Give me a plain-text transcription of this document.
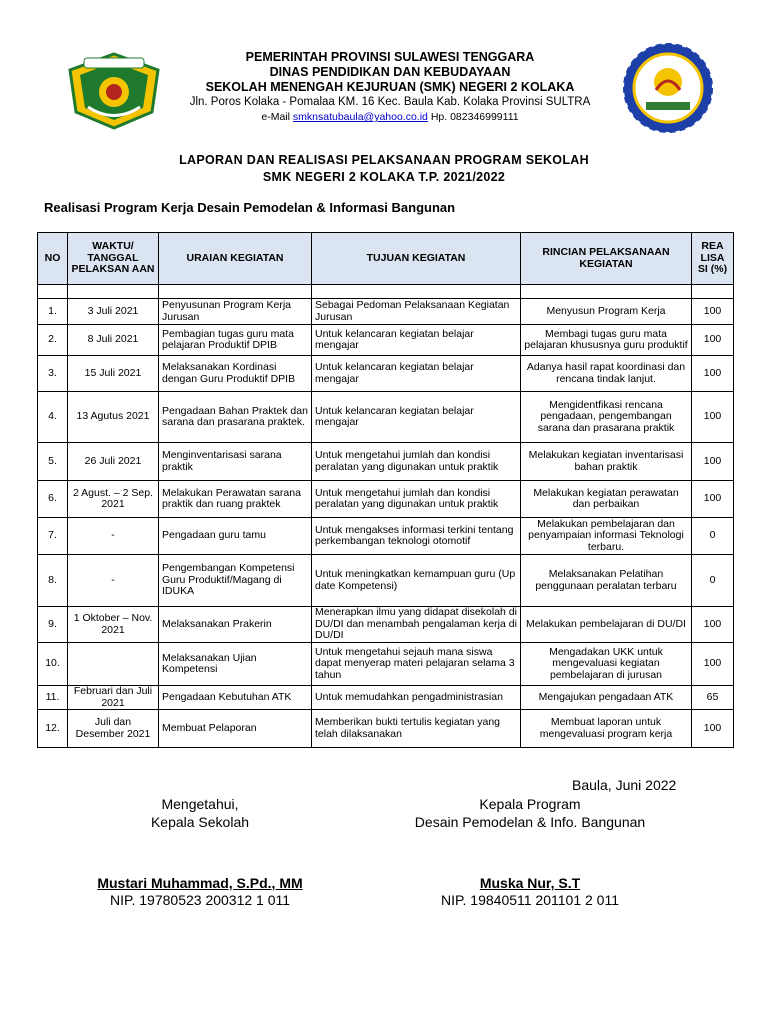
PEMERINTAH PROVINSI SULAWESI TENGGARA
DINAS PENDIDIKAN DAN KEBUDAYAAN
SEKOLAH MENENGAH KEJURUAN (SMK) NEGERI 2 KOLAKA
Jln. Poros Kolaka - Pomalaa KM. 16 Kec. Baula Kab. Kolaka Provinsi SULTRA
e-Mail smknsatubaula@yahoo.co.id Hp. 082346999111
LAPORAN DAN REALISASI PELAKSANAAN PROGRAM SEKOLAH
SMK NEGERI 2 KOLAKA T.P. 2021/2022
Realisasi Program Kerja Desain Pemodelan & Informasi Bangunan
NO	WAKTU/ TANGGAL PELAKSAN AAN	URAIAN KEGIATAN	TUJUAN KEGIATAN	RINCIAN PELAKSANAAN KEGIATAN	REA LISA SI (%)

1.	3 Juli 2021	Penyusunan Program Kerja Jurusan	Sebagai Pedoman Pelaksanaan Kegiatan Jurusan	Menyusun Program Kerja	100
2.	8 Juli 2021	Pembagian tugas guru mata pelajaran Produktif DPIB	Untuk kelancaran kegiatan belajar mengajar	Membagi tugas guru mata pelajaran khususnya guru produktif	100
3.	15 Juli 2021	Melaksanakan Kordinasi dengan Guru Produktif DPIB	Untuk kelancaran kegiatan belajar mengajar	Adanya hasil rapat koordinasi dan rencana tindak lanjut.	100
4.	13 Agutus 2021	Pengadaan Bahan Praktek dan sarana dan prasarana praktek.	Untuk kelancaran kegiatan belajar mengajar	Mengidentfikasi rencana pengadaan, pengembangan sarana dan prasarana praktik	100
5.	26 Juli 2021	Menginventarisasi sarana praktik	Untuk mengetahui jumlah dan kondisi peralatan yang digunakan untuk praktik	Melakukan kegiatan inventarisasi bahan praktik	100
6.	2 Agust. – 2 Sep. 2021	Melakukan Perawatan sarana praktik dan ruang praktek	Untuk mengetahui jumlah dan kondisi peralatan yang digunakan untuk praktik	Melakukan kegiatan perawatan dan perbaikan	100
7.	-	Pengadaan guru tamu	Untuk mengakses informasi terkini tentang perkembangan teknologi otomotif	Melakukan pembelajaran dan penyampaian informasi Teknologi terbaru.	0
8.	-	Pengembangan Kompetensi Guru Produktif/Magang di IDUKA	Untuk meningkatkan kemampuan guru (Up date Kompetensi)	Melaksanakan Pelatihan penggunaan peralatan terbaru	0
9.	1 Oktober – Nov. 2021	Melaksanakan Prakerin	Menerapkan ilmu yang didapat disekolah di DU/DI dan menambah pengalaman kerja di DU/DI	Melakukan pembelajaran di DU/DI	100
10.		Melaksanakan Ujian Kompetensi	Untuk mengetahui sejauh mana siswa dapat menyerap materi pelajaran selama 3 tahun	Mengadakan UKK untuk mengevaluasi kegiatan pembelajaran di jurusan	100
11.	Februari dan Juli 2021	Pengadaan Kebutuhan ATK	Untuk memudahkan pengadministrasian	Mengajukan pengadaan ATK	65
12.	Juli dan Desember 2021	Membuat Pelaporan	Memberikan bukti tertulis kegiatan yang telah dilaksanakan	Membuat laporan untuk mengevaluasi program kerja	100
Baula, Juni 2022
Mengetahui,
Kepala Sekolah
Kepala Program
Desain Pemodelan & Info. Bangunan
Mustari Muhammad, S.Pd., MM	Muska Nur, S.T
NIP. 19780523 200312 1 011	NIP. 19840511 201101 2 011
